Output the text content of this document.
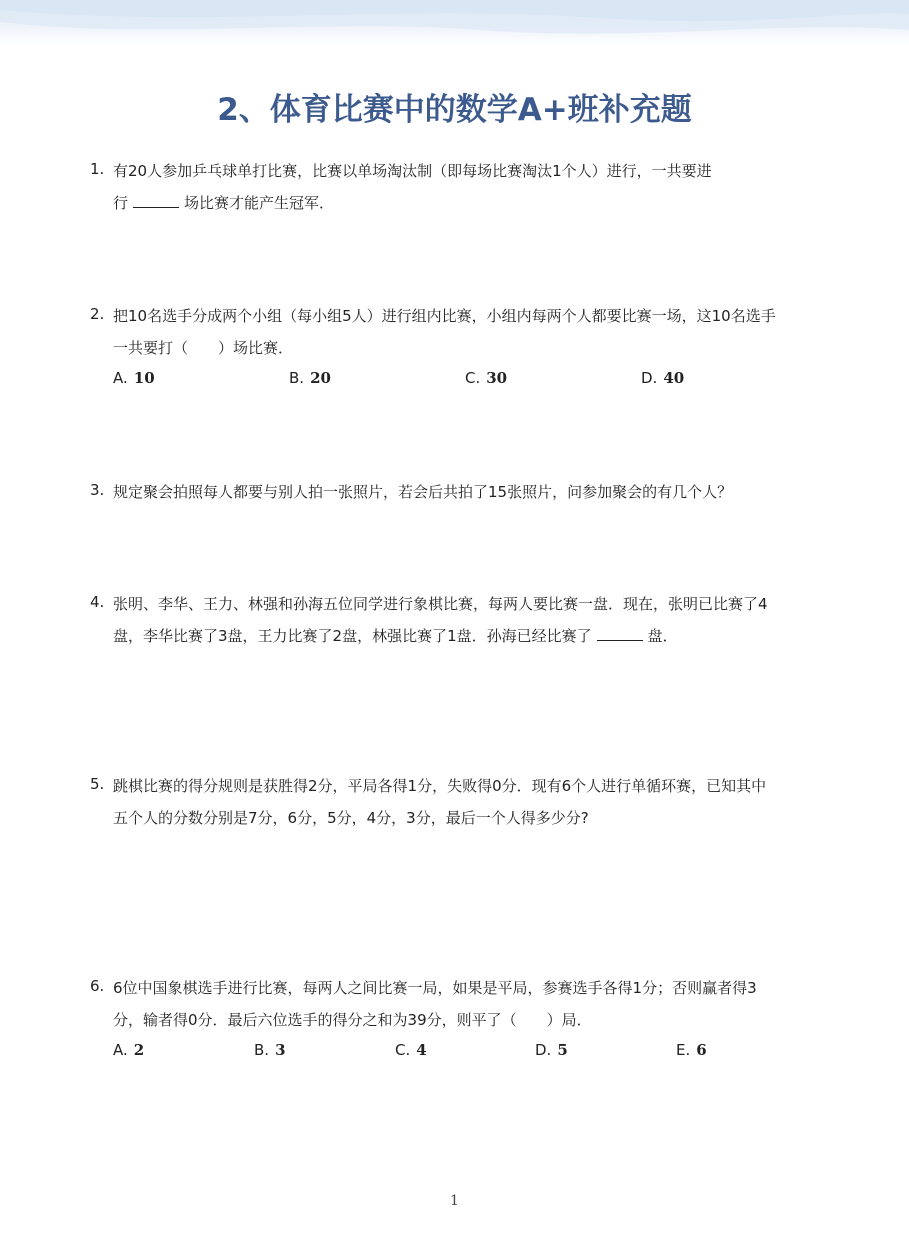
2、体育比赛中的数学A+班补充题
1. 有20人参加乒乓球单打比赛，比赛以单场淘汰制（即每场比赛淘汰1个人）进行，一共要进
行	场比赛才能产生冠军．
2. 把10名选手分成两个小组（每小组5人）进行组内比赛，小组内每两个人都要比赛一场，这10名选手
一共要打（　　）场比赛．
A. 10	B. 20	C. 30	D. 40
3. 规定聚会拍照每人都要与别人拍一张照片，若会后共拍了15张照片，问参加聚会的有几个人？
4. 张明、李华、王力、林强和孙海五位同学进行象棋比赛，每两人要比赛一盘．现在，张明已比赛了4
盘，李华比赛了3盘，王力比赛了2盘，林强比赛了1盘．孙海已经比赛了	盘．
5. 跳棋比赛的得分规则是获胜得2分，平局各得1分，失败得0分．现有6个人进行单循环赛，已知其中
五个人的分数分别是7分，6分，5分，4分，3分，最后一个人得多少分?
6. 6位中国象棋选手进行比赛，每两人之间比赛一局，如果是平局，参赛选手各得1分；否则赢者得3
分，输者得0分．最后六位选手的得分之和为39分，则平了（　　）局．
A. 2	B. 3	C. 4	D. 5	E. 6
1
